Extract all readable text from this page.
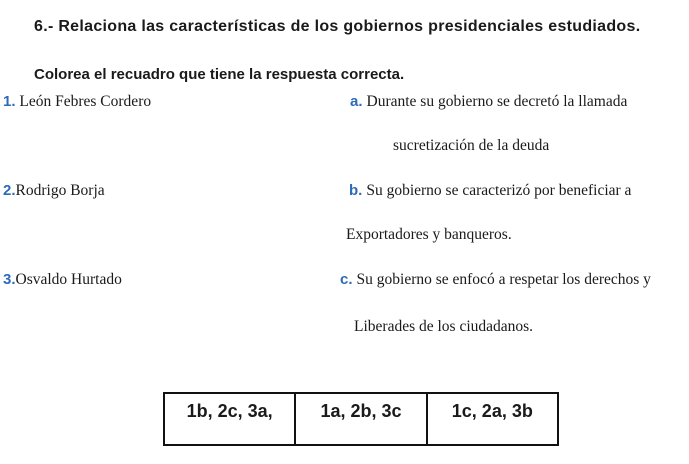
6.- Relaciona las características de los gobiernos presidenciales estudiados.
Colorea el recuadro que tiene la respuesta correcta.
1. León Febres Cordero
2.Rodrigo Borja
3.Osvaldo Hurtado
a. Durante su gobierno se decretó la llamada
sucretización de la deuda
b. Su gobierno se caracterizó por beneficiar a
Exportadores y banqueros.
c. Su gobierno se enfocó a respetar los derechos y
Liberades de los ciudadanos.
1b, 2c, 3a,	1a, 2b, 3c	1c, 2a, 3b
